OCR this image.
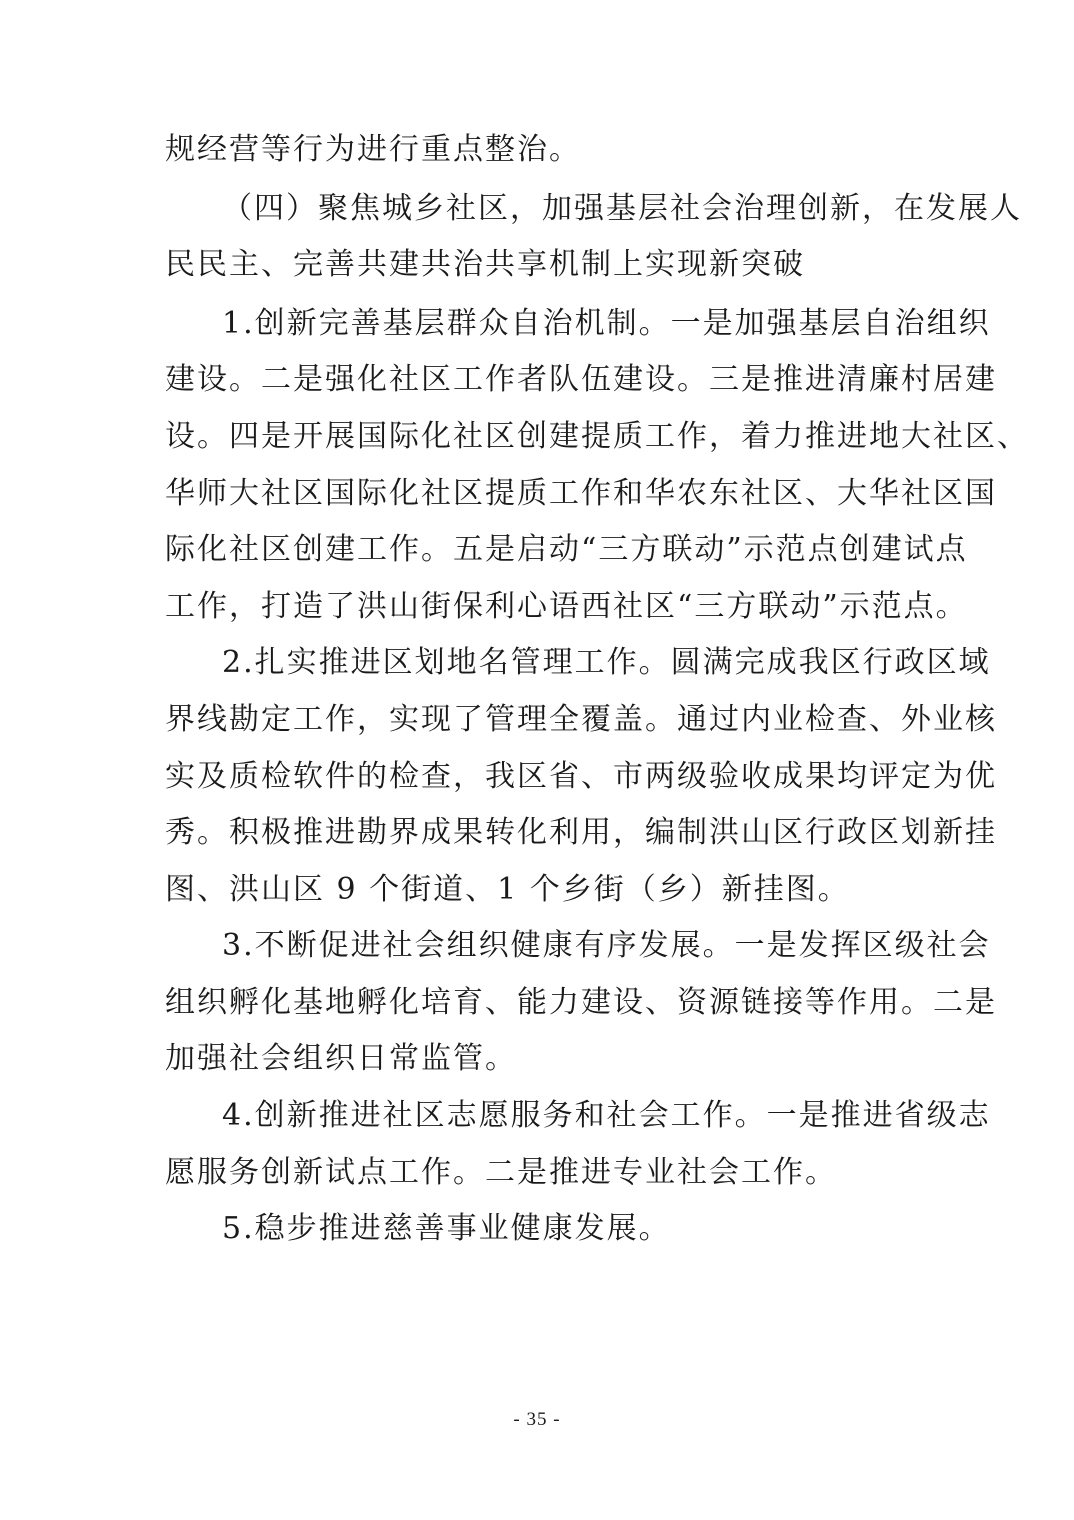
规经营等行为进行重点整治。
（四）聚焦城乡社区，加强基层社会治理创新，在发展人
民民主、完善共建共治共享机制上实现新突破
1.创新完善基层群众自治机制。一是加强基层自治组织
建设。二是强化社区工作者队伍建设。三是推进清廉村居建
设。四是开展国际化社区创建提质工作，着力推进地大社区、
华师大社区国际化社区提质工作和华农东社区、大华社区国
际化社区创建工作。五是启动“三方联动”示范点创建试点
工作，打造了洪山街保利心语西社区“三方联动”示范点。
2.扎实推进区划地名管理工作。圆满完成我区行政区域
界线勘定工作，实现了管理全覆盖。通过内业检查、外业核
实及质检软件的检查，我区省、市两级验收成果均评定为优
秀。积极推进勘界成果转化利用，编制洪山区行政区划新挂
图、洪山区 9 个街道、1 个乡街（乡）新挂图。
3.不断促进社会组织健康有序发展。一是发挥区级社会
组织孵化基地孵化培育、能力建设、资源链接等作用。二是
加强社会组织日常监管。
4.创新推进社区志愿服务和社会工作。一是推进省级志
愿服务创新试点工作。二是推进专业社会工作。
5.稳步推进慈善事业健康发展。
- 35 -
